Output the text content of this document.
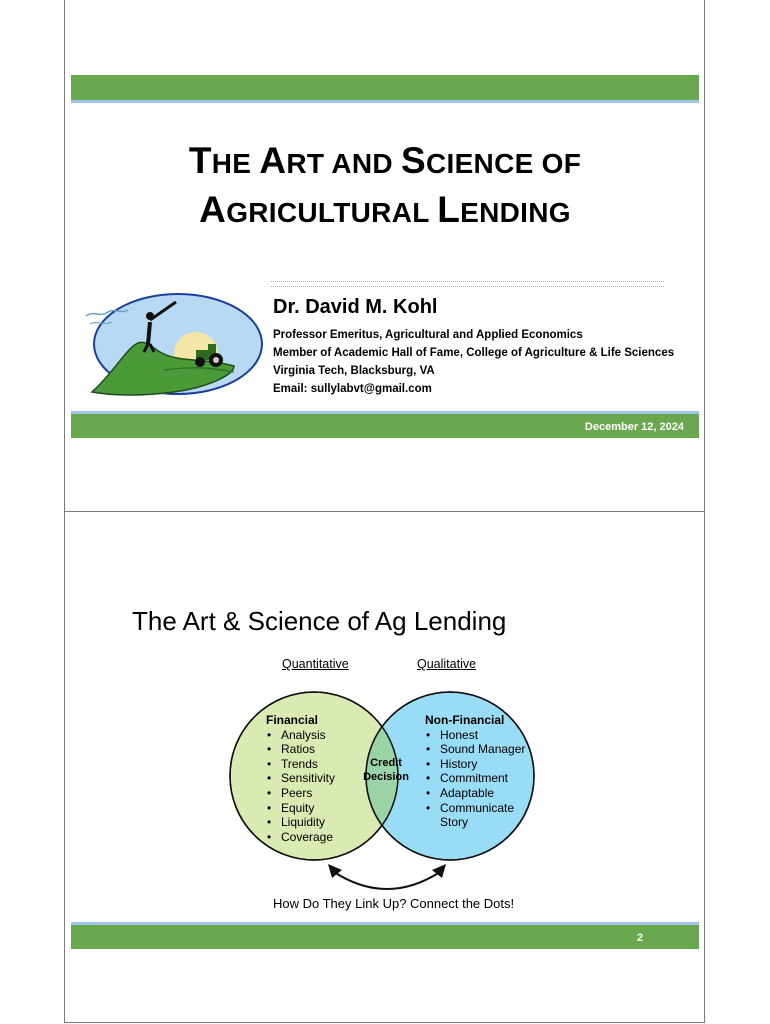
THE ART AND SCIENCE OF
AGRICULTURAL LENDING
Dr. David M. Kohl
Professor Emeritus, Agricultural and Applied Economics
Member of Academic Hall of Fame, College of Agriculture & Life Sciences
Virginia Tech, Blacksburg, VA
Email: sullylabvt@gmail.com
December 12, 2024
The Art & Science of Ag Lending
Quantitative	Qualitative
Financial
• Analysis
• Ratios
• Trends
• Sensitivity
• Peers
• Equity
• Liquidity
• Coverage
Non-Financial
• Honest
• Sound Manager
• History
• Commitment
• Adaptable
• Communicate
Story
Credit
Decision
How Do They Link Up? Connect the Dots!
2
